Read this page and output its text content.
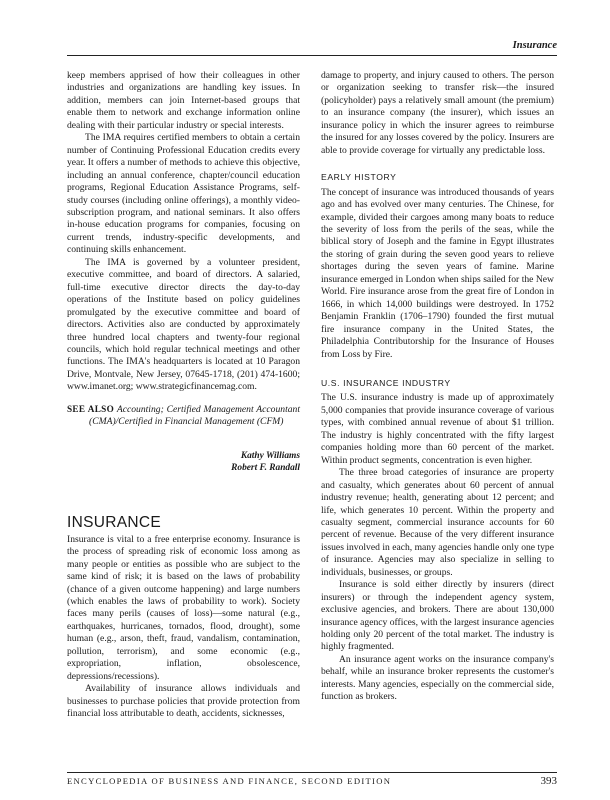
Insurance

keep members apprised of how their colleagues in other industries and organizations are handling key issues. In addition, members can join Internet-based groups that enable them to network and exchange information online dealing with their particular industry or special interests.

The IMA requires certified members to obtain a certain number of Continuing Professional Education credits every year. It offers a number of methods to achieve this objective, including an annual conference, chapter/council education programs, Regional Education Assistance Programs, self-study courses (including online offerings), a monthly video-subscription program, and national seminars. It also offers in-house education programs for companies, focusing on current trends, industry-specific developments, and continuing skills enhancement.

The IMA is governed by a volunteer president, executive committee, and board of directors. A salaried, full-time executive director directs the day-to-day operations of the Institute based on policy guidelines promulgated by the executive committee and board of directors. Activities also are conducted by approximately three hundred local chapters and twenty-four regional councils, which hold regular technical meetings and other functions. The IMA's headquarters is located at 10 Paragon Drive, Montvale, New Jersey, 07645-1718, (201) 474-1600; www.imanet.org; www.strategicfinancemag.com.

SEE ALSO Accounting; Certified Management Accountant (CMA)/Certified in Financial Management (CFM)

Kathy Williams
Robert F. Randall

INSURANCE

Insurance is vital to a free enterprise economy. Insurance is the process of spreading risk of economic loss among as many people or entities as possible who are subject to the same kind of risk; it is based on the laws of probability (chance of a given outcome happening) and large numbers (which enables the laws of probability to work). Society faces many perils (causes of loss)—some natural (e.g., earthquakes, hurricanes, tornados, flood, drought), some human (e.g., arson, theft, fraud, vandalism, contamination, pollution, terrorism), and some economic (e.g., expropriation, inflation, obsolescence, depressions/recessions).

Availability of insurance allows individuals and businesses to purchase policies that provide protection from financial loss attributable to death, accidents, sicknesses,

damage to property, and injury caused to others. The person or organization seeking to transfer risk—the insured (policyholder) pays a relatively small amount (the premium) to an insurance company (the insurer), which issues an insurance policy in which the insurer agrees to reimburse the insured for any losses covered by the policy. Insurers are able to provide coverage for virtually any predictable loss.

EARLY HISTORY

The concept of insurance was introduced thousands of years ago and has evolved over many centuries. The Chinese, for example, divided their cargoes among many boats to reduce the severity of loss from the perils of the seas, while the biblical story of Joseph and the famine in Egypt illustrates the storing of grain during the seven good years to relieve shortages during the seven years of famine. Marine insurance emerged in London when ships sailed for the New World. Fire insurance arose from the great fire of London in 1666, in which 14,000 buildings were destroyed. In 1752 Benjamin Franklin (1706–1790) founded the first mutual fire insurance company in the United States, the Philadelphia Contributorship for the Insurance of Houses from Loss by Fire.

U.S. INSURANCE INDUSTRY

The U.S. insurance industry is made up of approximately 5,000 companies that provide insurance coverage of various types, with combined annual revenue of about $1 trillion. The industry is highly concentrated with the fifty largest companies holding more than 60 percent of the market. Within product segments, concentration is even higher.

The three broad categories of insurance are property and casualty, which generates about 60 percent of annual industry revenue; health, generating about 12 percent; and life, which generates 10 percent. Within the property and casualty segment, commercial insurance accounts for 60 percent of revenue. Because of the very different insurance issues involved in each, many agencies handle only one type of insurance. Agencies may also specialize in selling to individuals, businesses, or groups.

Insurance is sold either directly by insurers (direct insurers) or through the independent agency system, exclusive agencies, and brokers. There are about 130,000 insurance agency offices, with the largest insurance agencies holding only 20 percent of the total market. The industry is highly fragmented.

An insurance agent works on the insurance company's behalf, while an insurance broker represents the customer's interests. Many agencies, especially on the commercial side, function as brokers.

ENCYCLOPEDIA OF BUSINESS AND FINANCE, SECOND EDITION	393
